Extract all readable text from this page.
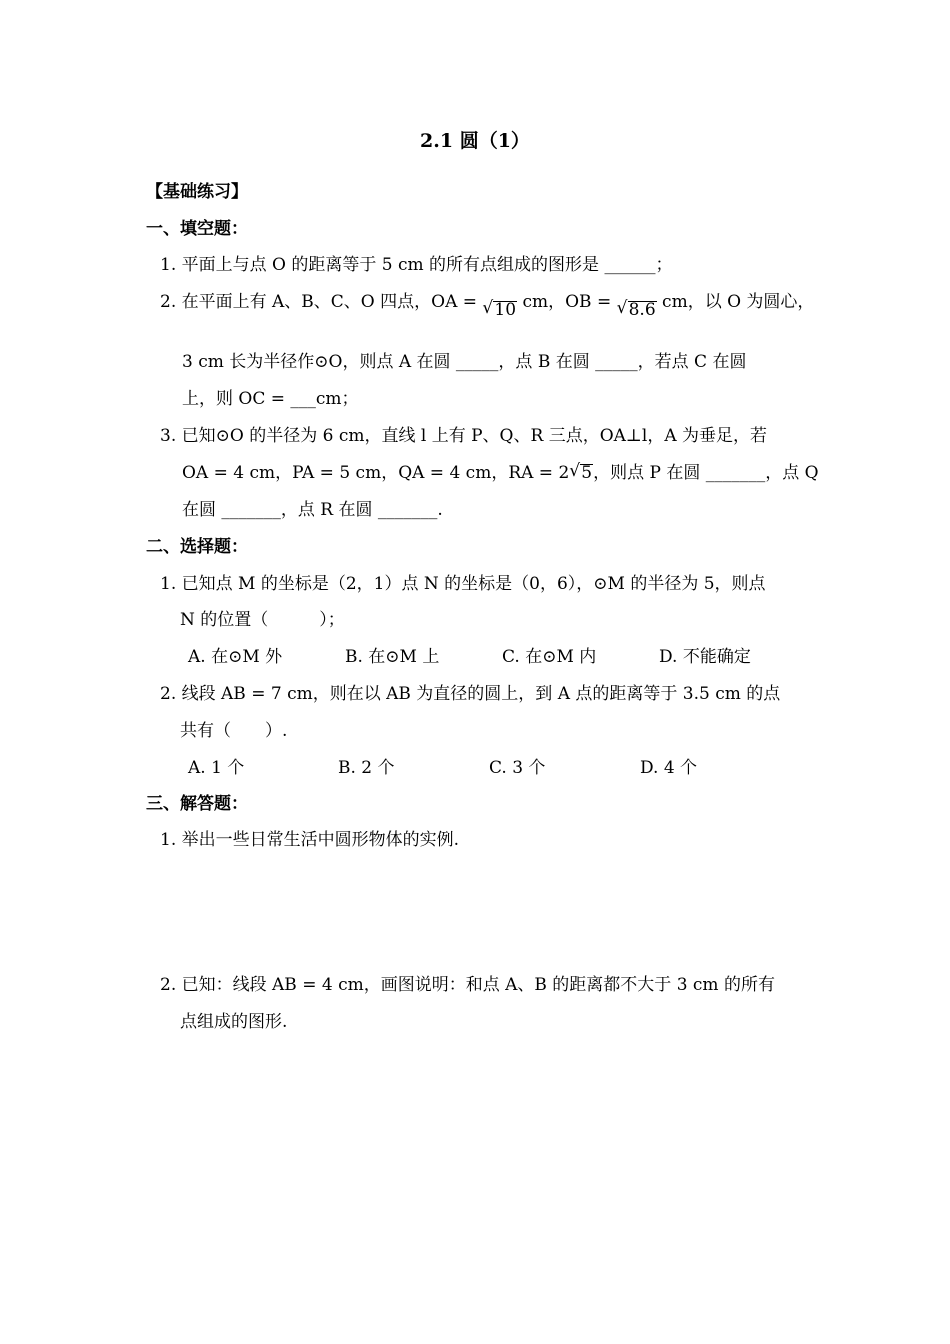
2.1 圆（1）
【基础练习】
一、填空题：
1. 平面上与点 O 的距离等于 5 cm 的所有点组成的图形是 ______；
2. 在平面上有 A、B、C、O 四点，OA = √ 10 cm，OB = √ 8.6 cm，以 O 为圆心，
3 cm 长为半径作⊙O，则点 A 在圆 _____，点 B 在圆 _____，若点 C 在圆
上，则 OC = ___cm；
3. 已知⊙O 的半径为 6 cm，直线 l 上有 P、Q、R 三点，OA⊥l，A 为垂足，若
OA = 4 cm，PA = 5 cm，QA = 4 cm，RA = 2 √ 5，则点 P 在圆 _______，点 Q
在圆 _______，点 R 在圆 _______.
二、选择题：
1. 已知点 M 的坐标是（2，1）点 N 的坐标是（0，6），⊙M 的半径为 5，则点
N 的位置（　　　）；
A. 在⊙M 外	B. 在⊙M 上	C. 在⊙M 内	D. 不能确定
2. 线段 AB = 7 cm，则在以 AB 为直径的圆上，到 A 点的距离等于 3.5 cm 的点
共有（　　）.
A. 1 个	B. 2 个	C. 3 个	D. 4 个
三、解答题：
1. 举出一些日常生活中圆形物体的实例.
2. 已知：线段 AB = 4 cm，画图说明：和点 A、B 的距离都不大于 3 cm 的所有
点组成的图形.
